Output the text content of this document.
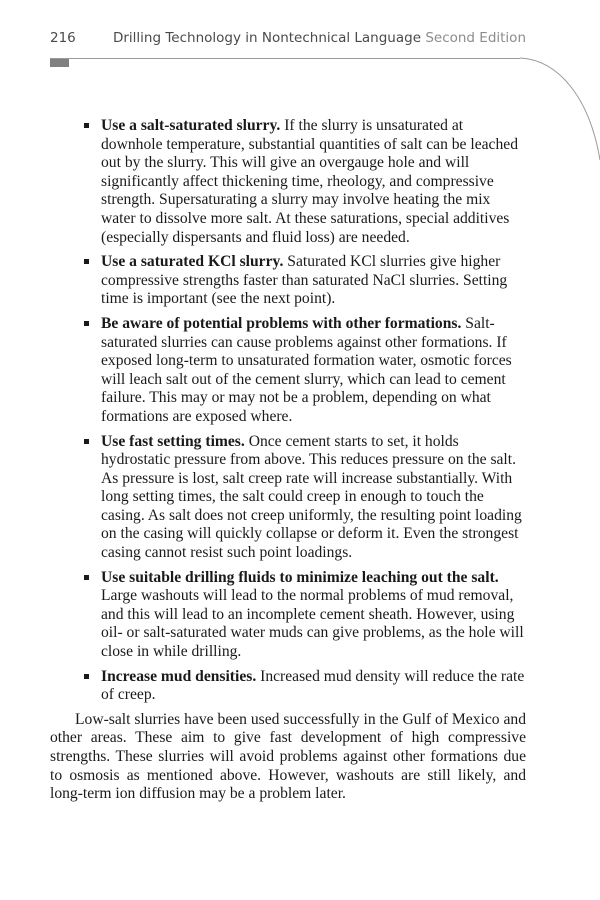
216	Drilling Technology in Nontechnical Language Second Edition
Use a salt-saturated slurry. If the slurry is unsaturated at downhole temperature, substantial quantities of salt can be leached out by the slurry. This will give an overgauge hole and will significantly affect thickening time, rheology, and compressive strength. Supersaturating a slurry may involve heating the mix water to dissolve more salt. At these saturations, special additives (especially dispersants and fluid loss) are needed.
Use a saturated KCl slurry. Saturated KCl slurries give higher compressive strengths faster than saturated NaCl slurries. Setting time is important (see the next point).
Be aware of potential problems with other formations. Salt-saturated slurries can cause problems against other formations. If exposed long-term to unsaturated formation water, osmotic forces will leach salt out of the cement slurry, which can lead to cement failure. This may or may not be a problem, depending on what formations are exposed where.
Use fast setting times. Once cement starts to set, it holds hydrostatic pressure from above. This reduces pressure on the salt. As pressure is lost, salt creep rate will increase substantially. With long setting times, the salt could creep in enough to touch the casing. As salt does not creep uniformly, the resulting point loading on the casing will quickly collapse or deform it. Even the strongest casing cannot resist such point loadings.
Use suitable drilling fluids to minimize leaching out the salt. Large washouts will lead to the normal problems of mud removal, and this will lead to an incomplete cement sheath. However, using oil- or salt-saturated water muds can give problems, as the hole will close in while drilling.
Increase mud densities. Increased mud density will reduce the rate of creep.

Low-salt slurries have been used successfully in the Gulf of Mexico and other areas. These aim to give fast development of high compressive strengths. These slurries will avoid problems against other formations due to osmosis as mentioned above. However, washouts are still likely, and long-term ion diffusion may be a problem later.
